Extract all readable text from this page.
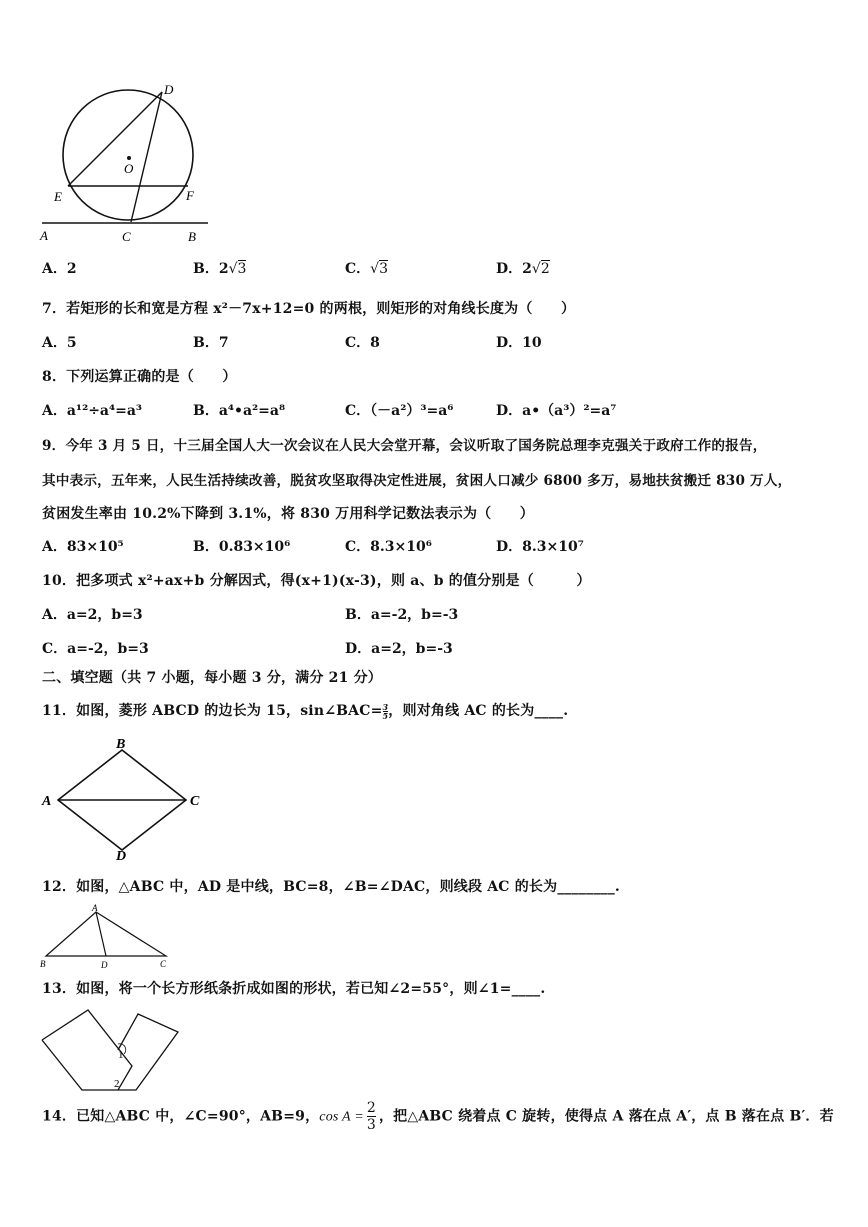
D
O
E	F
A	C	B
A．2	B．2√3	C．√3	D．2√2
7．若矩形的长和宽是方程 x²－7x+12=0 的两根，则矩形的对角线长度为（　　）
A．5	B．7	C．8	D．10
8．下列运算正确的是（　　）
A．a¹²÷a⁴=a³	B．a⁴•a²=a⁸	C．（－a²）³=a⁶	D．a•（a³）²=a⁷
9．今年 3 月 5 日，十三届全国人大一次会议在人民大会堂开幕，会议听取了国务院总理李克强关于政府工作的报告，
其中表示，五年来，人民生活持续改善，脱贫攻坚取得决定性进展，贫困人口减少 6800 多万，易地扶贫搬迁 830 万人，
贫困发生率由 10.2%下降到 3.1%，将 830 万用科学记数法表示为（　　）
A．83×10⁵	B．0.83×10⁶	C．8.3×10⁶	D．8.3×10⁷
10．把多项式 x²+ax+b 分解因式，得(x+1)(x-3)，则 a、b 的值分别是（　　　）
A．a=2，b=3	B．a=-2，b=-3
C．a=-2，b=3	D．a=2，b=-3
二、填空题（共 7 小题，每小题 3 分，满分 21 分）
11．如图，菱形 ABCD 的边长为 15，sin∠BAC= $\frac{3}{5}$ ，则对角线 AC 的长为____.
B
A	C
D
12．如图，△ABC 中，AD 是中线，BC=8，∠B=∠DAC，则线段 AC 的长为________.
A
B	D	C
13．如图，将一个长方形纸条折成如图的形状，若已知∠2=55°，则∠1=____.
1
2
14．已知△ABC 中，∠C=90°，AB=9，$\cos A = \frac{2}{3}$ ，把△ABC 绕着点 C 旋转，使得点 A 落在点 A′，点 B 落在点 B′．若
